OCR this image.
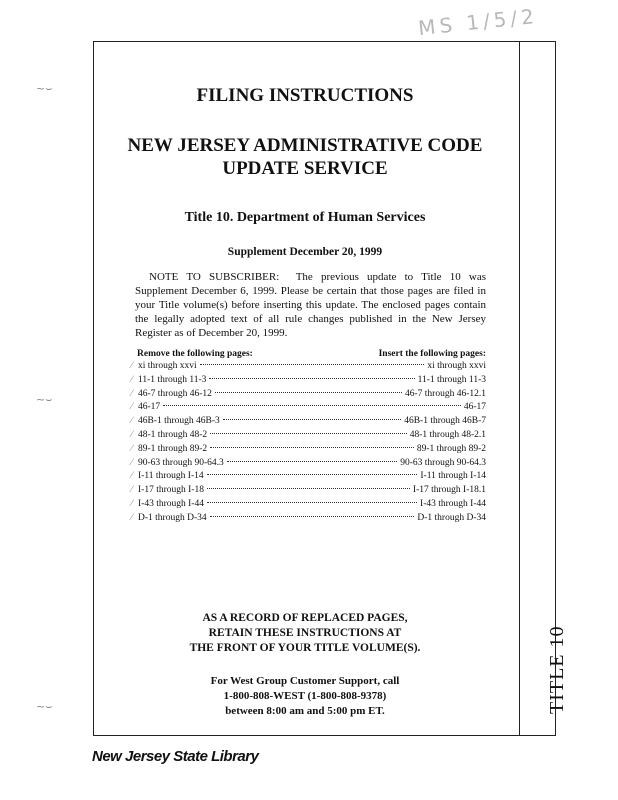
MS 1/5/2
~⌣
~⌣
~⌣	TITLE 10
FILING INSTRUCTIONS
NEW JERSEY ADMINISTRATIVE CODE
UPDATE SERVICE
Title 10. Department of Human Services
Supplement December 20, 1999
NOTE TO SUBSCRIBER: The previous update to Title 10 was Supplement December 6, 1999. Please be certain that those pages are filed in your Title volume(s) before inserting this update. The enclosed pages contain the legally adopted text of all rule changes published in the New Jersey Register as of December 20, 1999.
Remove the following pages:	Insert the following pages:
⁄ xi through xxvi	xi through xxvi
⁄ 11-1 through 11-3	11-1 through 11-3
⁄ 46-7 through 46-12	46-7 through 46-12.1
⁄ 46-17	46-17
⁄ 46B-1 through 46B-3	46B-1 through 46B-7
⁄ 48-1 through 48-2	48-1 through 48-2.1
⁄ 89-1 through 89-2	89-1 through 89-2
⁄ 90-63 through 90-64.3	90-63 through 90-64.3
⁄ I-11 through I-14	I-11 through I-14
⁄ I-17 through I-18	I-17 through I-18.1
⁄ I-43 through I-44	I-43 through I-44
⁄ D-1 through D-34	D-1 through D-34
AS A RECORD OF REPLACED PAGES,
RETAIN THESE INSTRUCTIONS AT
THE FRONT OF YOUR TITLE VOLUME(S).
For West Group Customer Support, call
1-800-808-WEST (1-800-808-9378)
between 8:00 am and 5:00 pm ET.
New Jersey State Library
